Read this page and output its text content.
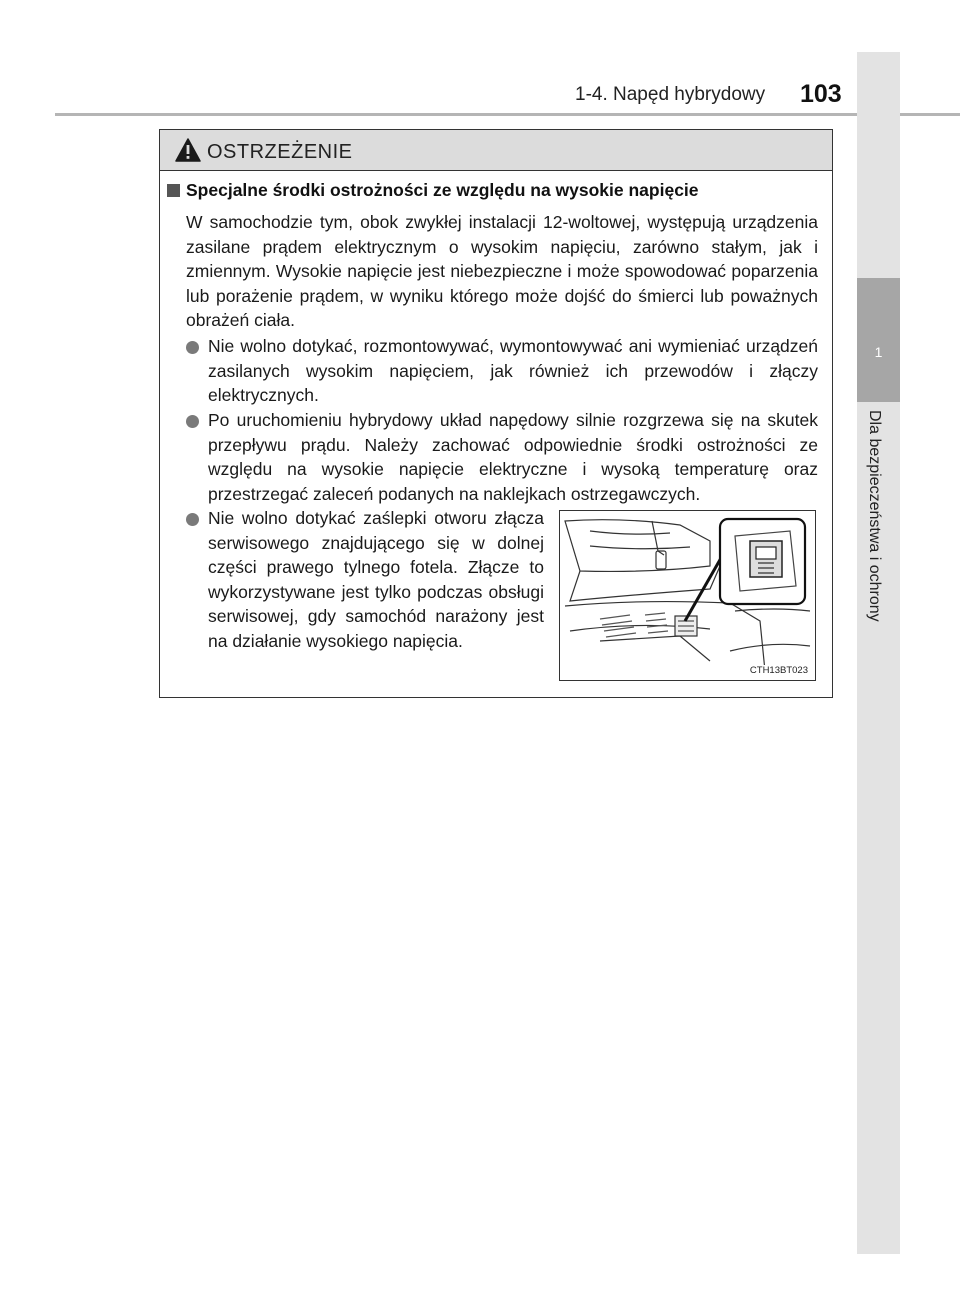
1-4. Napęd hybrydowy 103
1
Dla bezpieczeństwa i ochrony
OSTRZEŻENIE
Specjalne środki ostrożności ze względu na wysokie napięcie
W samochodzie tym, obok zwykłej instalacji 12-woltowej, występują urządzenia zasilane prądem elektrycznym o wysokim napięciu, zarówno stałym, jak i zmiennym. Wysokie napięcie jest niebezpieczne i może spowodować poparzenia lub porażenie prądem, w wyniku którego może dojść do śmierci lub poważnych obrażeń ciała.
Nie wolno dotykać, rozmontowywać, wymontowywać ani wymieniać urządzeń zasilanych wysokim napięciem, jak również ich przewodów i złączy elektrycznych.
Po uruchomieniu hybrydowy układ napędowy silnie rozgrzewa się na skutek przepływu prądu. Należy zachować odpowiednie środki ostrożności ze względu na wysokie napięcie elektryczne i wysoką temperaturę oraz przestrzegać zaleceń podanych na naklejkach ostrzegawczych.
Nie wolno dotykać zaślepki otworu złącza serwisowego znajdującego się w dolnej części prawego tylnego fotela. Złącze to wykorzystywane jest tylko podczas obsługi serwisowej, gdy samochód narażony jest na działanie wysokiego napięcia.
CTH13BT023
